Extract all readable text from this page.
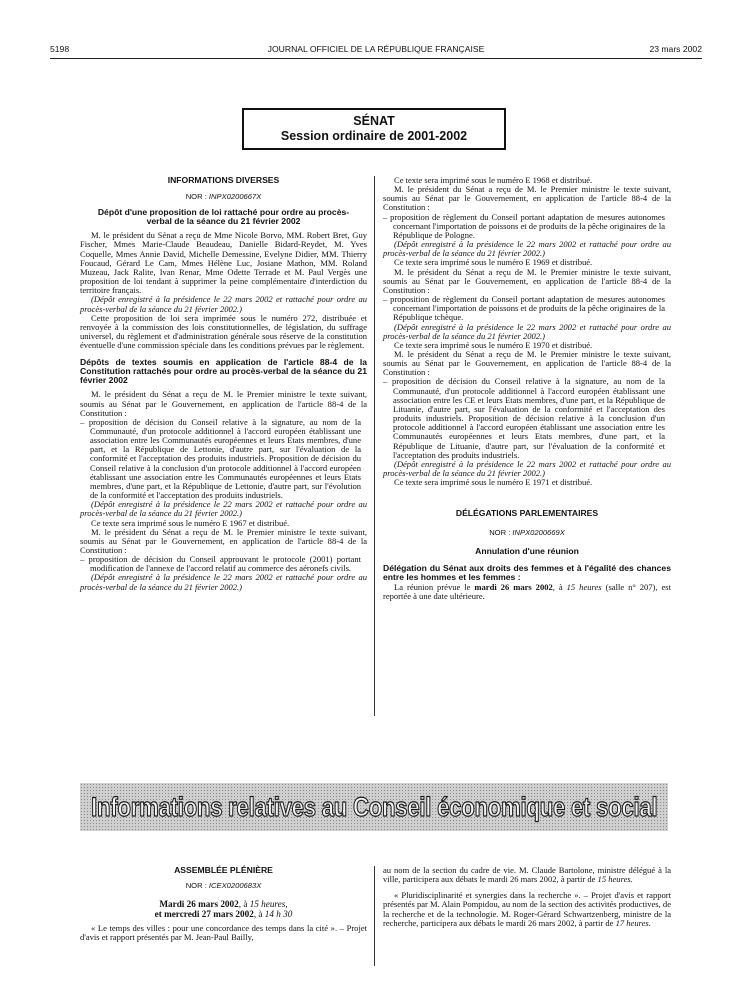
5198	JOURNAL OFFICIEL DE LA RÉPUBLIQUE FRANÇAISE	23 mars 2002
SÉNAT
Session ordinaire de 2001-2002
INFORMATIONS DIVERSES
NOR : INPX0200667X
Dépôt d'une proposition de loi rattaché pour ordre au procès-verbal de la séance du 21 février 2002

M. le président du Sénat a reçu de Mme Nicole Borvo, MM. Robert Bret, Guy Fischer, Mmes Marie-Claude Beaudeau, Danielle Bidard-Reydet, M. Yves Coquelle, Mmes Annie David, Michelle Demessine, Evelyne Didier, MM. Thierry Foucaud, Gérard Le Cam, Mmes Hélène Luc, Josiane Mathon, MM. Roland Muzeau, Jack Ralite, Ivan Renar, Mme Odette Terrade et M. Paul Vergès une proposition de loi tendant à supprimer la peine complémentaire d'interdiction du territoire français.

(Dépôt enregistré à la présidence le 22 mars 2002 et rattaché pour ordre au procès-verbal de la séance du 21 février 2002.)

Cette proposition de loi sera imprimée sous le numéro 272, distribuée et renvoyée à la commission des lois constitutionnelles, de législation, du suffrage universel, du règlement et d'administration générale sous réserve de la constitution éventuelle d'une commission spéciale dans les conditions prévues par le règlement.

Dépôts de textes soumis en application de l'article 88-4 de la Constitution rattachés pour ordre au procès-verbal de la séance du 21 février 2002

M. le président du Sénat a reçu de M. le Premier ministre le texte suivant, soumis au Sénat par le Gouvernement, en application de l'article 88-4 de la Constitution :

– proposition de décision du Conseil relative à la signature, au nom de la Communauté, d'un protocole additionnel à l'accord européen établissant une association entre les Communautés européennes et leurs Etats membres, d'une part, et la République de Lettonie, d'autre part, sur l'évaluation de la conformité et l'acceptation des produits industriels. Proposition de décision du Conseil relative à la conclusion d'un protocole additionnel à l'accord européen établissant une association entre les Communautés européennes et leurs Etats membres, d'une part, et la République de Lettonie, d'autre part, sur l'évolution de la conformité et l'acceptation des produits industriels.

(Dépôt enregistré à la présidence le 22 mars 2002 et rattaché pour ordre au procès-verbal de la séance du 21 février 2002.)

Ce texte sera imprimé sous le numéro E 1967 et distribué.

M. le président du Sénat a reçu de M. le Premier ministre le texte suivant, soumis au Sénat par le Gouvernement, en application de l'article 88-4 de la Constitution :

– proposition de décision du Conseil approuvant le protocole (2001) portant modification de l'annexe de l'accord relatif au commerce des aéronefs civils.

(Dépôt enregistré à la présidence le 22 mars 2002 et rattaché pour ordre au procès-verbal de la séance du 21 février 2002.)

Ce texte sera imprimé sous le numéro E 1968 et distribué.

M. le président du Sénat a reçu de M. le Premier ministre le texte suivant, soumis au Sénat par le Gouvernement, en application de l'article 88-4 de la Constitution :

– proposition de règlement du Conseil portant adaptation de mesures autonomes concernant l'importation de poissons et de produits de la pêche originaires de la République de Pologne.

(Dépôt enregistré à la présidence le 22 mars 2002 et rattaché pour ordre au procès-verbal de la séance du 21 février 2002.)

Ce texte sera imprimé sous le numéro E 1969 et distribué.

M. le président du Sénat a reçu de M. le Premier ministre le texte suivant, soumis au Sénat par le Gouvernement, en application de l'article 88-4 de la Constitution :

– proposition de règlement du Conseil portant adaptation de mesures autonomes concernant l'importation de poissons et de produits de la pêche originaires de la République tchèque.

(Dépôt enregistré à la présidence le 22 mars 2002 et rattaché pour ordre au procès-verbal de la séance du 21 février 2002.)

Ce texte sera imprimé sous le numéro E 1970 et distribué.

M. le président du Sénat a reçu de M. le Premier ministre le texte suivant, soumis au Sénat par le Gouvernement, en application de l'article 88-4 de la Constitution :

– proposition de décision du Conseil relative à la signature, au nom de la Communauté, d'un protocole additionnel à l'accord européen établissant une association entre les CE et leurs Etats membres, d'une part, et la République de Lituanie, d'autre part, sur l'évaluation de la conformité et l'acceptation des produits industriels. Proposition de décision relative à la conclusion d'un protocole additionnel à l'accord européen établissant une association entre les Communautés européennes et leurs Etats membres, d'une part, et la République de Lituanie, d'autre part, sur l'évaluation de la conformité et l'acceptation des produits industriels.

(Dépôt enregistré à la présidence le 22 mars 2002 et rattaché pour ordre au procès-verbal de la séance du 21 février 2002.)

Ce texte sera imprimé sous le numéro E 1971 et distribué.

DÉLÉGATIONS PARLEMENTAIRES
NOR : INPX0200669X
Annulation d'une réunion
Délégation du Sénat aux droits des femmes et à l'égalité des chances entre les hommes et les femmes :

La réunion prévue le mardi 26 mars 2002, à 15 heures (salle n° 207), est reportée à une date ultérieure.

Informations relatives au Conseil économique et social
ASSEMBLÉE PLÉNIÈRE
NOR : ICEX0200683X
Mardi 26 mars 2002, à 15 heures,
et mercredi 27 mars 2002, à 14 h 30

« Le temps des villes : pour une concordance des temps dans la cité ». – Projet d'avis et rapport présentés par M. Jean-Paul Bailly,

au nom de la section du cadre de vie. M. Claude Bartolone, ministre délégué à la ville, participera aux débats le mardi 26 mars 2002, à partir de 15 heures.

« Pluridisciplinarité et synergies dans la recherche ». – Projet d'avis et rapport présentés par M. Alain Pompidou, au nom de la section des activités productives, de la recherche et de la technologie. M. Roger-Gérard Schwartzenberg, ministre de la recherche, participera aux débats le mardi 26 mars 2002, à partir de 17 heures.
